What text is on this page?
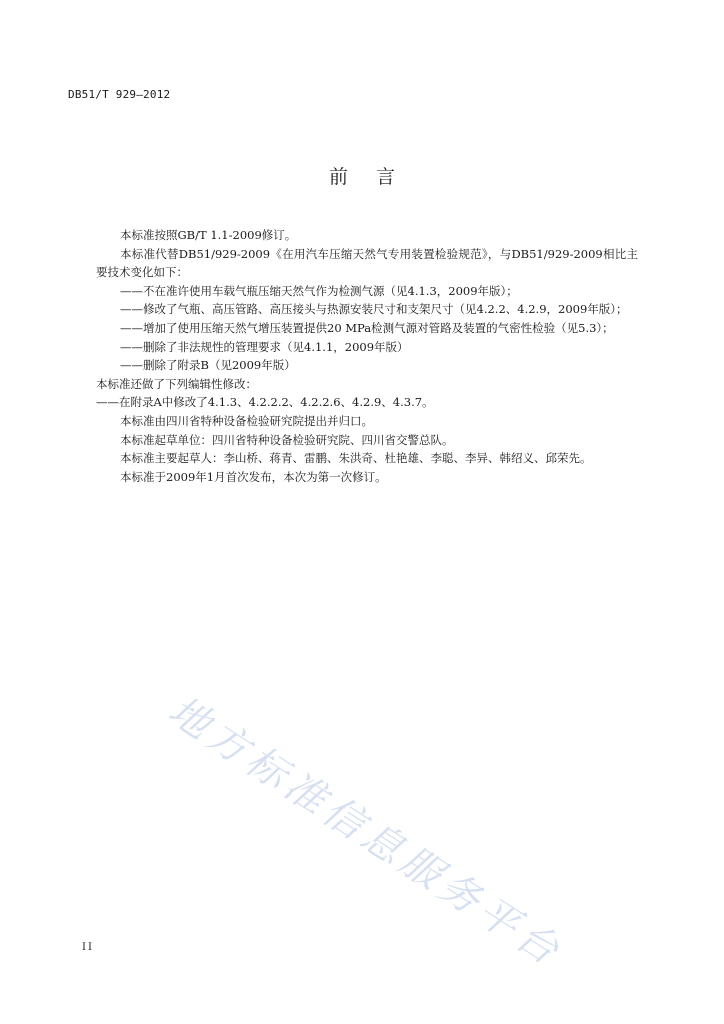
DB51/T 929—2012
前言

本标准按照GB/T 1.1-2009修订。

本标准代替DB51/929-2009《在用汽车压缩天然气专用装置检验规范》，与DB51/929-2009相比主要技术变化如下：

——不在准许使用车载气瓶压缩天然气作为检测气源（见4.1.3，2009年版）；

——修改了气瓶、高压管路、高压接头与热源安装尺寸和支架尺寸（见4.2.2、4.2.9，2009年版）；

——增加了使用压缩天然气增压装置提供20 MPa检测气源对管路及装置的气密性检验（见5.3）；

——删除了非法规性的管理要求（见4.1.1，2009年版）

——删除了附录B（见2009年版）

本标准还做了下列编辑性修改：

——在附录A中修改了4.1.3、4.2.2.2、4.2.2.6、4.2.9、4.3.7。

本标准由四川省特种设备检验研究院提出并归口。

本标准起草单位：四川省特种设备检验研究院、四川省交警总队。

本标准主要起草人：李山桥、蒋青、雷鹏、朱洪奇、杜艳雄、李聪、李异、韩绍义、邱荣先。

本标准于2009年1月首次发布，本次为第一次修订。

地方标准信息服务平台
II
